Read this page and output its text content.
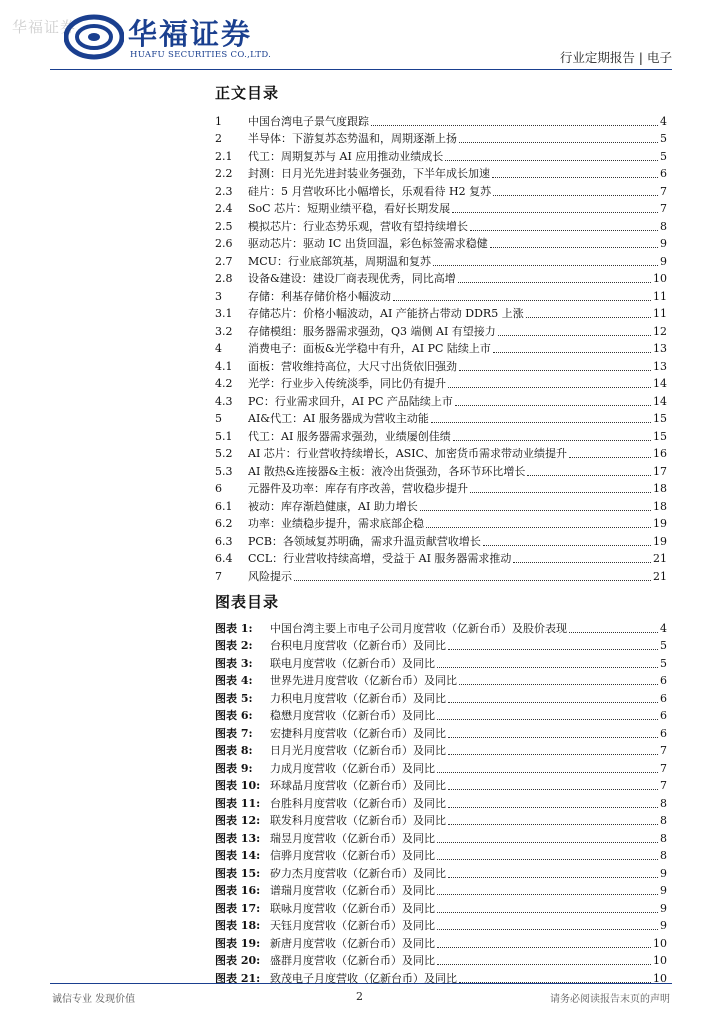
华福证券 华福证券
HUAFU SECURITIES CO.,LTD.	行业定期报告 | 电子
正文目录
1	中国台湾电子景气度跟踪	4
2	半导体：下游复苏态势温和，周期逐渐上扬	5
2.1	代工：周期复苏与 AI 应用推动业绩成长	5
2.2	封测：日月光先进封装业务强劲，下半年成长加速	6
2.3	硅片：5 月营收环比小幅增长，乐观看待 H2 复苏	7
2.4	SoC 芯片：短期业绩平稳，看好长期发展	7
2.5	模拟芯片：行业态势乐观，营收有望持续增长	8
2.6	驱动芯片：驱动 IC 出货回温，彩色标签需求稳健	9
2.7	MCU：行业底部筑基，周期温和复苏	9
2.8	设备&建设：建设厂商表现优秀，同比高增	10
3	存储：利基存储价格小幅波动	11
3.1	存储芯片：价格小幅波动，AI 产能挤占带动 DDR5 上涨	11
3.2	存储模组：服务器需求强劲，Q3 端侧 AI 有望接力	12
4	消费电子：面板&光学稳中有升，AI PC 陆续上市	13
4.1	面板：营收维持高位，大尺寸出货依旧强劲	13
4.2	光学：行业步入传统淡季，同比仍有提升	14
4.3	PC：行业需求回升，AI PC 产品陆续上市	14
5	AI&代工：AI 服务器成为营收主动能	15
5.1	代工：AI 服务器需求强劲，业绩屡创佳绩	15
5.2	AI 芯片：行业营收持续增长，ASIC、加密货币需求带动业绩提升	16
5.3	AI 散热&连接器&主板：液冷出货强劲，各环节环比增长	17
6	元器件及功率：库存有序改善，营收稳步提升	18
6.1	被动：库存渐趋健康，AI 助力增长	18
6.2	功率：业绩稳步提升，需求底部企稳	19
6.3	PCB：各领域复苏明确，需求升温贡献营收增长	19
6.4	CCL：行业营收持续高增，受益于 AI 服务器需求推动	21
7	风险提示	21
图表目录
图表 1:	中国台湾主要上市电子公司月度营收（亿新台币）及股价表现	4
图表 2:	台积电月度营收（亿新台币）及同比	5
图表 3:	联电月度营收（亿新台币）及同比	5
图表 4:	世界先进月度营收（亿新台币）及同比	6
图表 5:	力积电月度营收（亿新台币）及同比	6
图表 6:	稳懋月度营收（亿新台币）及同比	6
图表 7:	宏捷科月度营收（亿新台币）及同比	6
图表 8:	日月光月度营收（亿新台币）及同比	7
图表 9:	力成月度营收（亿新台币）及同比	7
图表 10: 环球晶月度营收（亿新台币）及同比	7
图表 11: 台胜科月度营收（亿新台币）及同比	8
图表 12: 联发科月度营收（亿新台币）及同比	8
图表 13: 瑞昱月度营收（亿新台币）及同比	8
图表 14: 信骅月度营收（亿新台币）及同比	8
图表 15: 矽力杰月度营收（亿新台币）及同比	9
图表 16: 谱瑞月度营收（亿新台币）及同比	9
图表 17: 联咏月度营收（亿新台币）及同比	9
图表 18: 天钰月度营收（亿新台币）及同比	9
图表 19: 新唐月度营收（亿新台币）及同比	10
图表 20: 盛群月度营收（亿新台币）及同比	10
图表 21: 致茂电子月度营收（亿新台币）及同比	10
诚信专业 发现价值	2	请务必阅读报告末页的声明
